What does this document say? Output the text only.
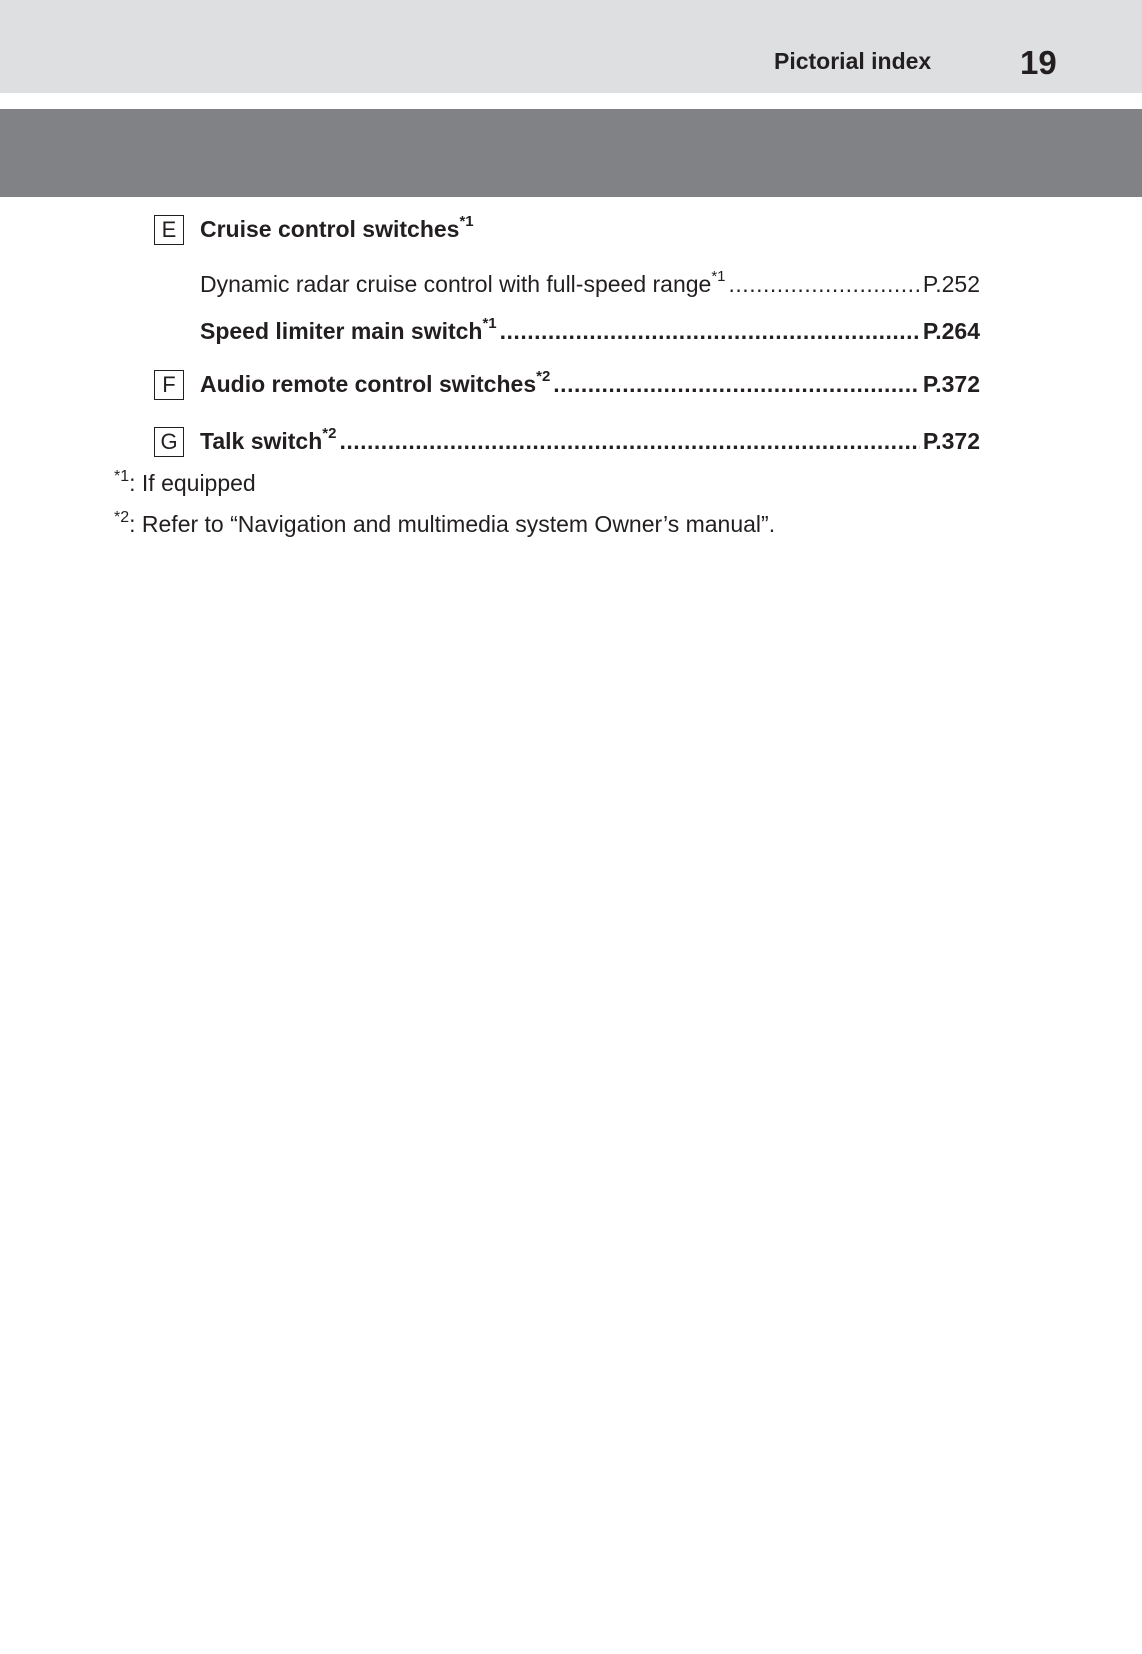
Pictorial index	19
E	Cruise control switches$^{*1}$
Dynamic radar cruise control with full-speed range$^{*1}$ .....	P.252
Speed limiter main switch$^{*1}$ .....	P.264
F	Audio remote control switches$^{*2}$ .....	P.372
G Talk switch$^{*2}$ .....	P.372
$^{*1}$: If equipped
$^{*2}$: Refer to “Navigation and multimedia system Owner’s manual”.
